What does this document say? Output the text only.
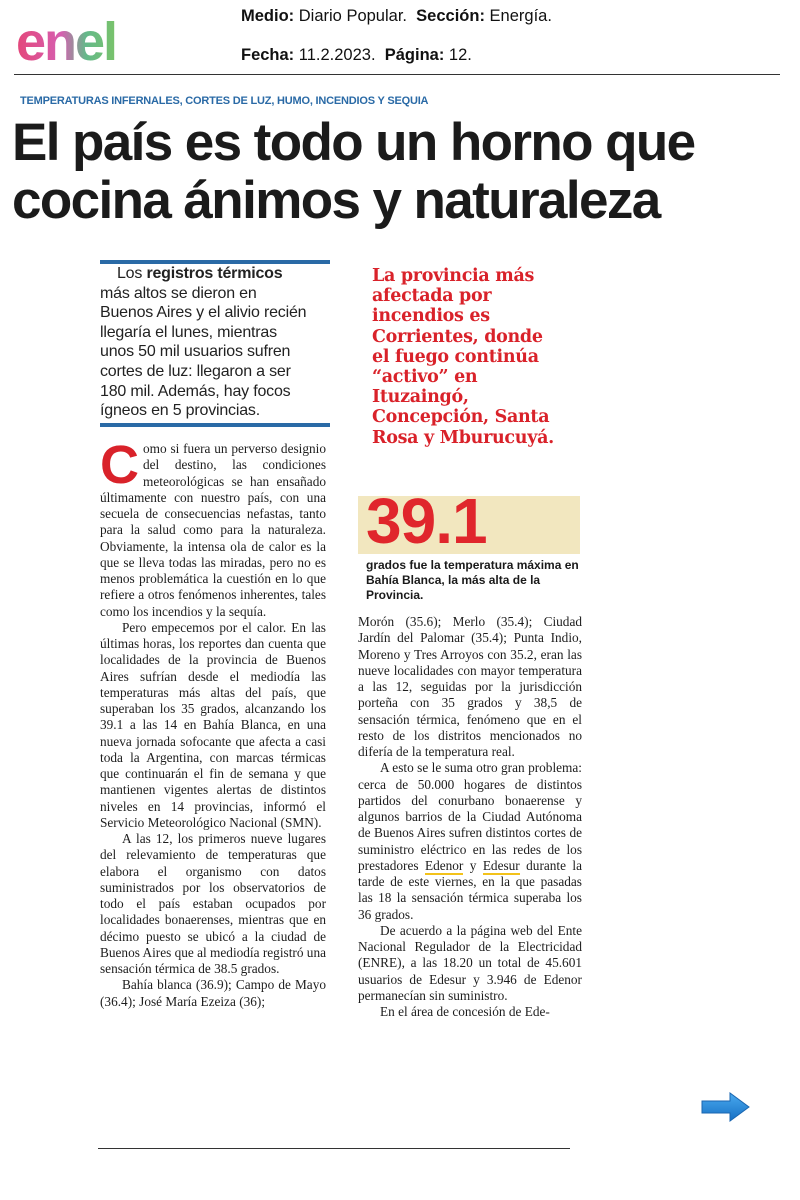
enel	Medio: Diario Popular. Sección: Energía.
Fecha: 11.2.2023. Página: 12.
TEMPERATURAS INFERNALES, CORTES DE LUZ, HUMO, INCENDIOS Y SEQUIA
El país es todo un horno que
cocina ánimos y naturaleza
Los registros térmicos
más altos se dieron en
Buenos Aires y el alivio recién
llegaría el lunes, mientras
unos 50 mil usuarios sufren
cortes de luz: llegaron a ser
180 mil. Además, hay focos
ígneos en 5 provincias.
La provincia más
afectada por
incendios es
Corrientes, donde
el fuego continúa
“activo” en
Ituzaingó,
Concepción, Santa
Rosa y Mburucuyá.
39.1
grados fue la temperatura máxima en Bahía Blanca, la más alta de la Provincia.

Como si fuera un perverso designio del destino, las condiciones meteorológicas se han ensañado últimamente con nuestro país, con una secuela de consecuencias nefastas, tanto para la salud como para la naturaleza. Obviamente, la intensa ola de calor es la que se lleva todas las miradas, pero no es menos problemática la cuestión en lo que refiere a otros fenómenos inherentes, tales como los incendios y la sequía.

Pero empecemos por el calor. En las últimas horas, los reportes dan cuenta que localidades de la provincia de Buenos Aires sufrían desde el mediodía las temperaturas más altas del país, que superaban los 35 grados, alcanzando los 39.1 a las 14 en Bahía Blanca, en una nueva jornada sofocante que afecta a casi toda la Argentina, con marcas térmicas que continuarán el fin de semana y que mantienen vigentes alertas de distintos niveles en 14 provincias, informó el Servicio Meteorológico Nacional (SMN).

A las 12, los primeros nueve lugares del relevamiento de temperaturas que elabora el organismo con datos suministrados por los observatorios de todo el país estaban ocupados por localidades bonaerenses, mientras que en décimo puesto se ubicó a la ciudad de Buenos Aires que al mediodía registró una sensación térmica de 38.5 grados.

Bahía blanca (36.9); Campo de Mayo (36.4); José María Ezeiza (36);

Morón (35.6); Merlo (35.4); Ciudad Jardín del Palomar (35.4); Punta Indio, Moreno y Tres Arroyos con 35.2, eran las nueve localidades con mayor temperatura a las 12, seguidas por la jurisdicción porteña con 35 grados y 38,5 de sensación térmica, fenómeno que en el resto de los distritos mencionados no difería de la temperatura real.

A esto se le suma otro gran problema: cerca de 50.000 hogares de distintos partidos del conurbano bonaerense y algunos barrios de la Ciudad Autónoma de Buenos Aires sufren distintos cortes de suministro eléctrico en las redes de los prestadores Edenor y Edesur durante la tarde de este viernes, en la que pasadas las 18 la sensación térmica superaba los 36 grados.

De acuerdo a la página web del Ente Nacional Regulador de la Electricidad (ENRE), a las 18.20 un total de 45.601 usuarios de Edesur y 3.946 de Edenor permanecían sin suministro.

En el área de concesión de Ede-
